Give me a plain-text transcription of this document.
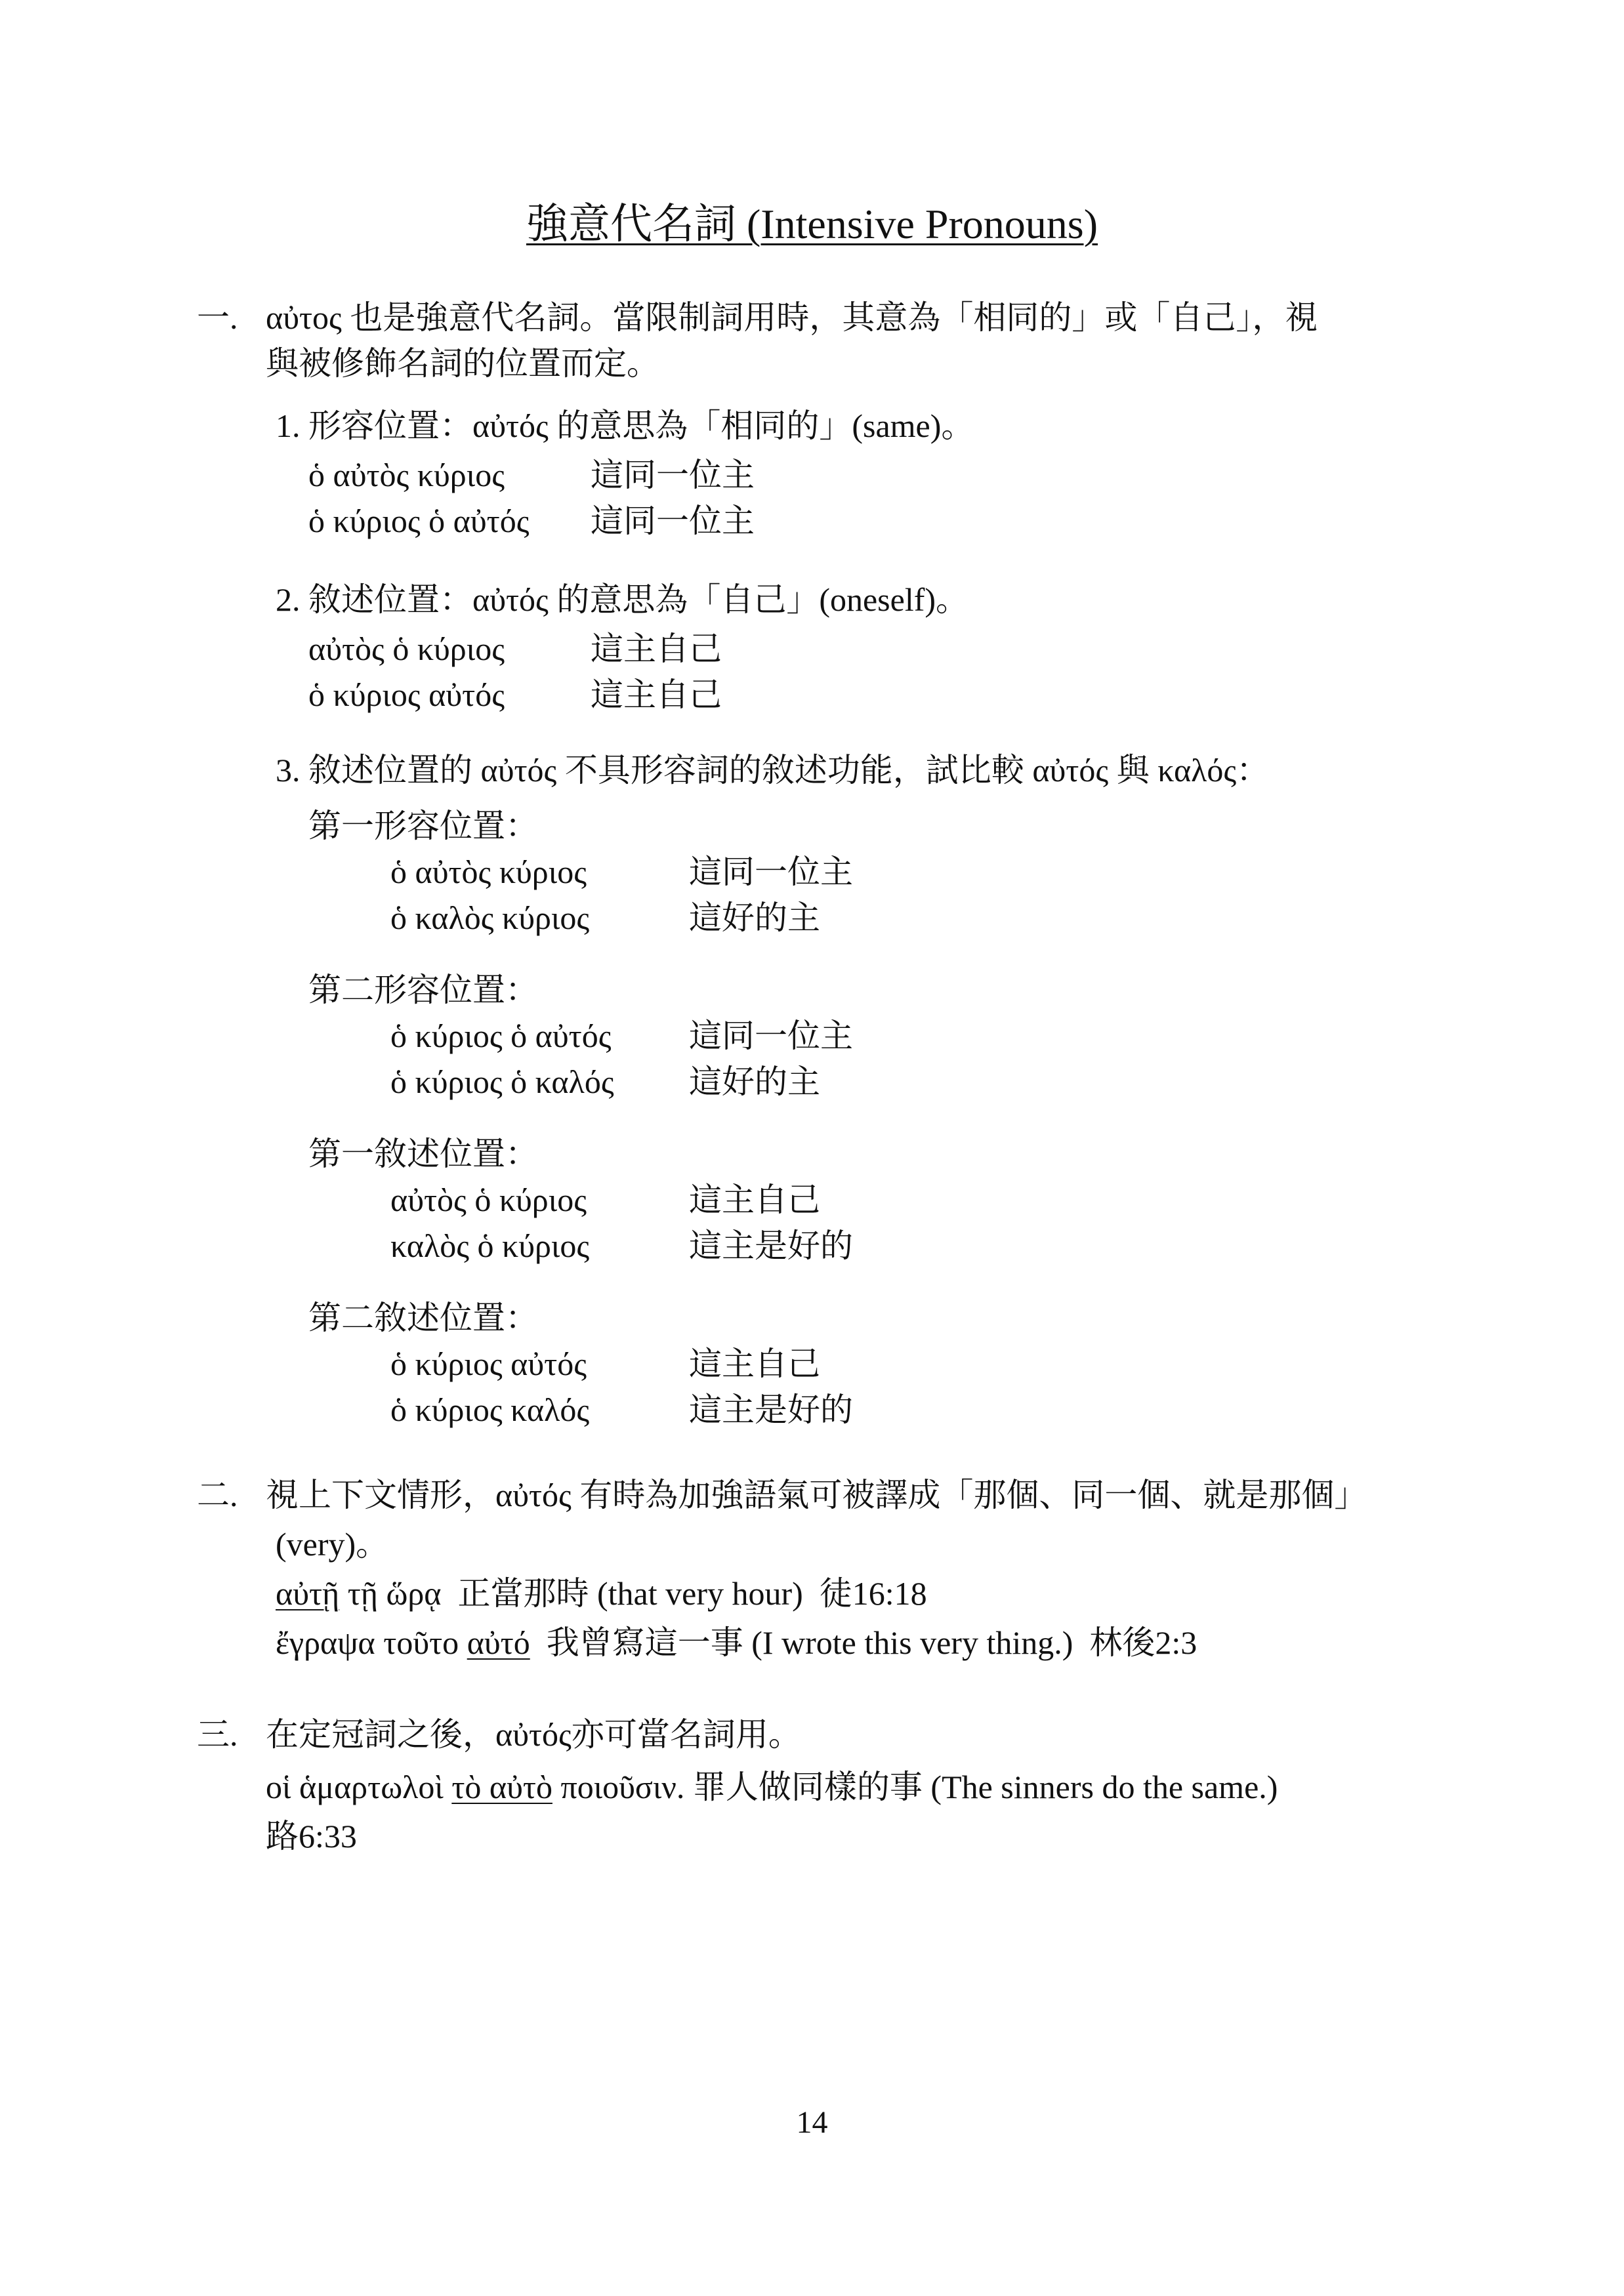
強意代名詞 (Intensive Pronouns)
一. αὐτος 也是強意代名詞。當限制詞用時，其意為「相同的」或「自己」，視
與被修飾名詞的位置而定。
1. 形容位置：αὐτός 的意思為「相同的」(same)。
ὁ αὐτὸς κύριος	這同一位主
ὁ κύριος ὁ αὐτός 這同一位主
2. 敘述位置：αὐτός 的意思為「自己」(oneself)。
αὐτὸς ὁ κύριος	這主自己
ὁ κύριος αὐτός	這主自己
3. 敘述位置的 αὐτός 不具形容詞的敘述功能，試比較 αὐτός 與 καλός：
第一形容位置：
ὁ αὐτὸς κύριος	這同一位主
ὁ καλὸς κύριος	這好的主
第二形容位置：
ὁ κύριος ὁ αὐτός 這同一位主
ὁ κύριος ὁ καλός 這好的主
第一敘述位置：
αὐτὸς ὁ κύριος	這主自己
καλὸς ὁ κύριος	這主是好的
第二敘述位置：
ὁ κύριος αὐτός	這主自己
ὁ κύριος καλός	這主是好的
二. 視上下文情形，αὐτός 有時為加強語氣可被譯成「那個、同一個、就是那個」
(very)。
αὐτῇ τῇ ὥρᾳ  正當那時 (that very hour)  徒16:18
ἔγραψα τοῦτο αὐτό  我曾寫這一事 (I wrote this very thing.)  林後2:3
三. 在定冠詞之後，αὐτός亦可當名詞用。
οἱ ἁμαρτωλοὶ τὸ αὐτὸ ποιοῦσιν. 罪人做同樣的事 (The sinners do the same.)
路6:33
14
